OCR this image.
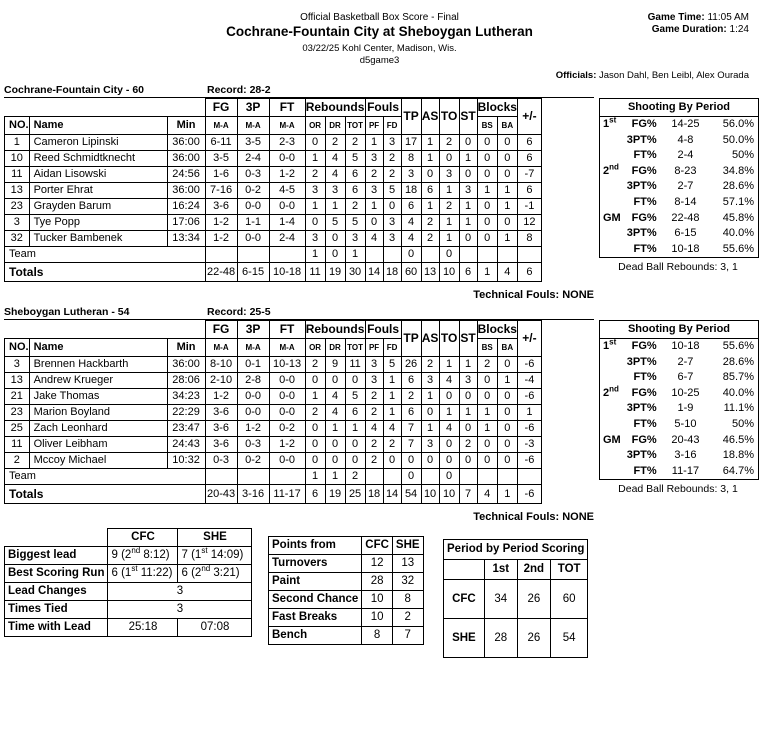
Official Basketball Box Score - Final
Cochrane-Fountain City at Sheboygan Lutheran
03/22/25 Kohl Center, Madison, Wis.
d5game3
Game Time: 11:05 AM
Game Duration: 1:24
Officials: Jason Dahl, Ben Leibl, Alex Ourada
Cochrane-Fountain City - 60	Record: 28-2
			FG	3P	FT	Rebounds			Fouls		TP	AS	TO	ST	Blocks		+/-
NO.	Name	Min	M-A	M-A	M-A	OR	DR	TOT	PF	FD					BS	BA	
1	Cameron Lipinski	36:00	6-11	3-5	2-3	0	2	2	1	3	17	1	2	0	0	0	6
10	Reed Schmidtknecht	36:00	3-5	2-4	0-0	1	4	5	3	2	8	1	0	1	0	0	6
11	Aidan Lisowski	24:56	1-6	0-3	1-2	2	4	6	2	2	3	0	3	0	0	0	-7
13	Porter Ehrat	36:00	7-16	0-2	4-5	3	3	6	3	5	18	6	1	3	1	1	6
23	Grayden Barum	16:24	3-6	0-0	0-0	1	1	2	1	0	6	1	2	1	0	1	-1
3	Tye Popp	17:06	1-2	1-1	1-4	0	5	5	0	3	4	2	1	1	0	0	12
32	Tucker Bambenek	13:34	1-2	0-0	2-4	3	0	3	4	3	4	2	1	0	0	1	8
Team						1	0	1			0		0				
Totals			22-48	6-15	10-18	11	19	30	14	18	60	13	10	6	1	4	6
Technical Fouls: NONE
Shooting By Period			
1st	FG%	14-25	56.0%
	3PT%	4-8	50.0%
	FT%	2-4	50%
2nd	FG%	8-23	34.8%
	3PT%	2-7	28.6%
	FT%	8-14	57.1%
GM	FG%	22-48	45.8%
	3PT%	6-15	40.0%
	FT%	10-18	55.6%
Dead Ball Rebounds: 3, 1
Sheboygan Lutheran - 54	Record: 25-5
			FG	3P	FT	Rebounds			Fouls		TP	AS	TO	ST	Blocks		+/-
NO.	Name	Min	M-A	M-A	M-A	OR	DR	TOT	PF	FD					BS	BA	
3	Brennen Hackbarth	36:00	8-10	0-1	10-13	2	9	11	3	5	26	2	1	1	2	0	-6
13	Andrew Krueger	28:06	2-10	2-8	0-0	0	0	0	3	1	6	3	4	3	0	1	-4
21	Jake Thomas	34:23	1-2	0-0	0-0	1	4	5	2	1	2	1	0	0	0	0	-6
23	Marion Boyland	22:29	3-6	0-0	0-0	2	4	6	2	1	6	0	1	1	1	0	1
25	Zach Leonhard	23:47	3-6	1-2	0-2	0	1	1	4	4	7	1	4	0	1	0	-6
11	Oliver Leibham	24:43	3-6	0-3	1-2	0	0	0	2	2	7	3	0	2	0	0	-3
2	Mccoy Michael	10:32	0-3	0-2	0-0	0	0	0	2	0	0	0	0	0	0	0	-6
Team						1	1	2			0		0				
Totals			20-43	3-16	11-17	6	19	25	18	14	54	10	10	7	4	1	-6
Technical Fouls: NONE
Shooting By Period			
1st	FG%	10-18	55.6%
	3PT%	2-7	28.6%
	FT%	6-7	85.7%
2nd	FG%	10-25	40.0%
	3PT%	1-9	11.1%
	FT%	5-10	50%
GM	FG%	20-43	46.5%
	3PT%	3-16	18.8%
	FT%	11-17	64.7%
Dead Ball Rebounds: 3, 1
	CFC	SHE
Biggest lead	9 (2nd 8:12)	7 (1st 14:09)
Best Scoring Run	6 (1st 11:22)	6 (2nd 3:21)
Lead Changes	3	
Times Tied	3	
Time with Lead	25:18	07:08
Points from	CFC	SHE
Turnovers	12	13
Paint	28	32
Second Chance	10	8
Fast Breaks	10	2
Bench	8	7
Period by Period Scoring			
	1st	2nd	TOT
CFC	34	26	60
SHE	28	26	54
